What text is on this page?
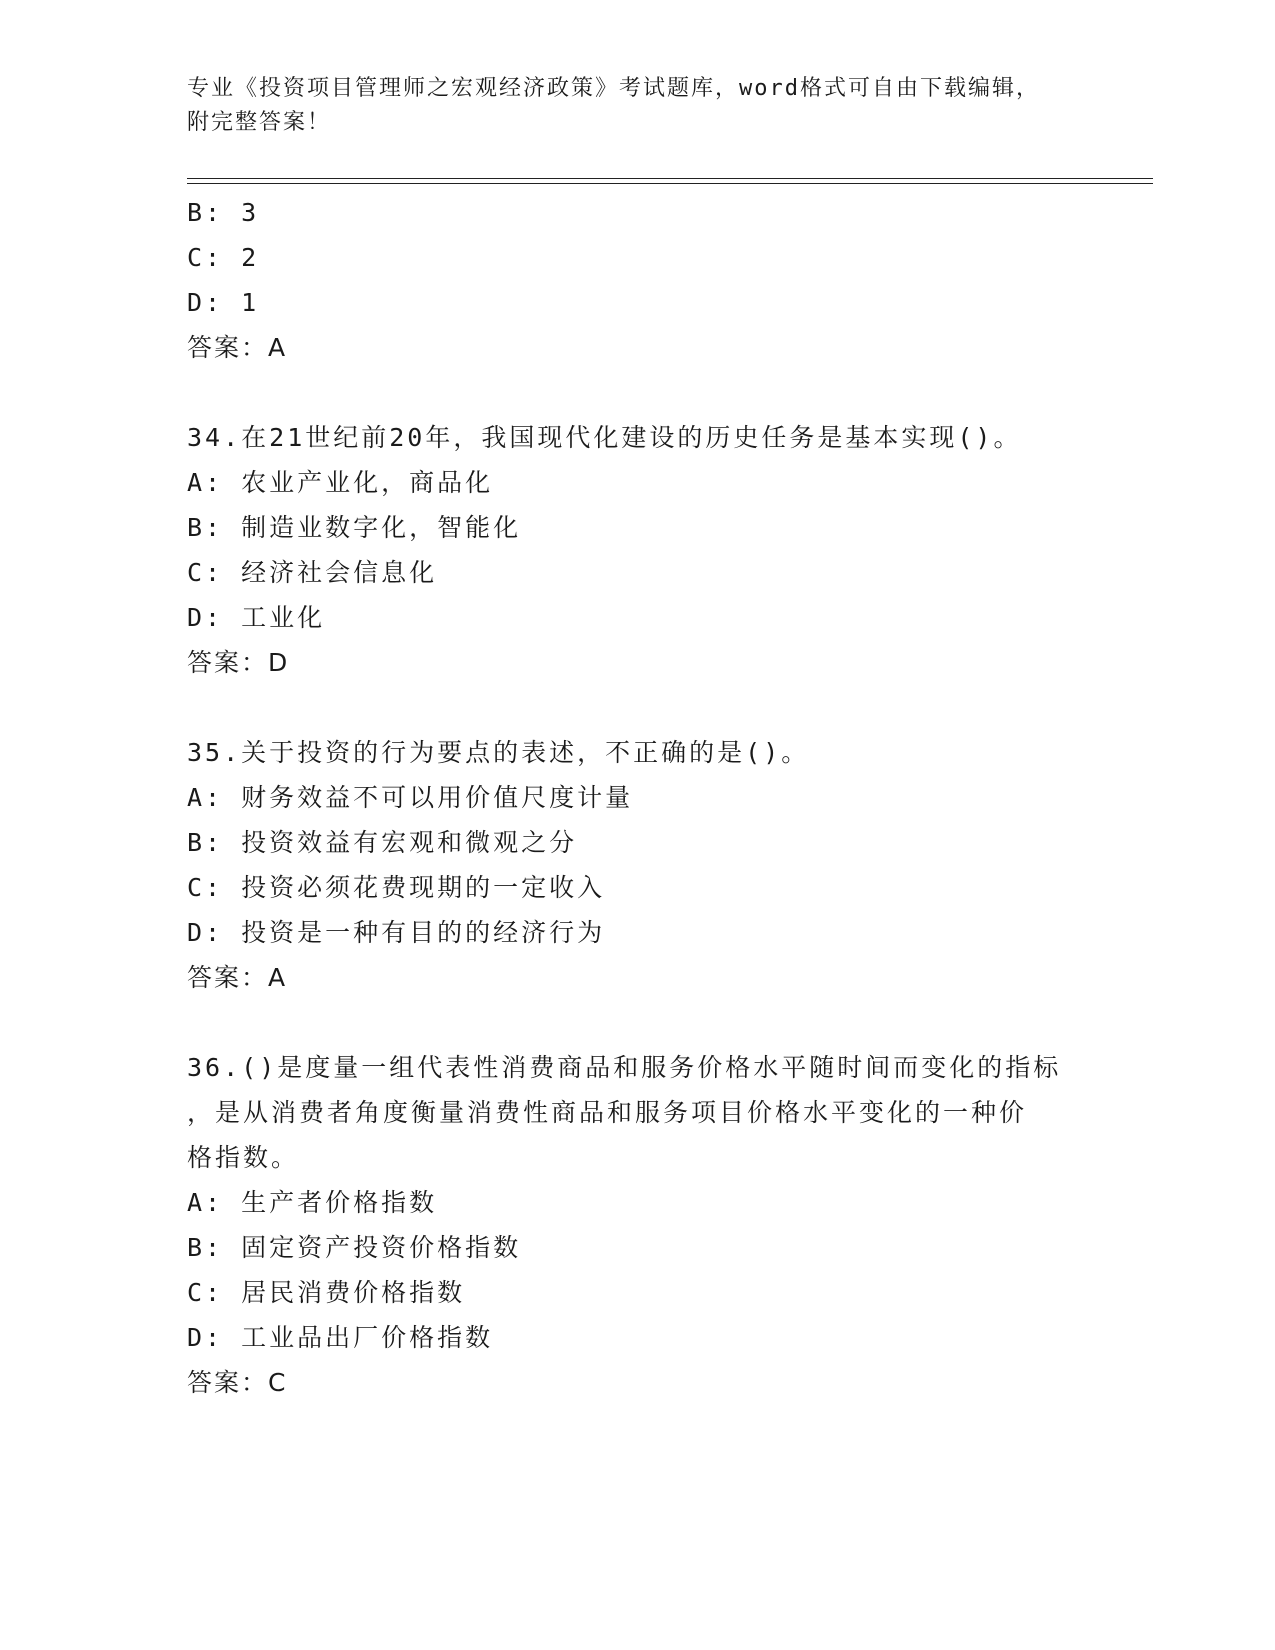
专业《投资项目管理师之宏观经济政策》考试题库，word格式可自由下载编辑，
附完整答案！
B: 3
C: 2
D: 1
答案：A
34.在21世纪前20年，我国现代化建设的历史任务是基本实现()。
A: 农业产业化，商品化
B: 制造业数字化，智能化
C: 经济社会信息化
D: 工业化
答案：D
35.关于投资的行为要点的表述，不正确的是()。
A: 财务效益不可以用价值尺度计量
B: 投资效益有宏观和微观之分
C: 投资必须花费现期的一定收入
D: 投资是一种有目的的经济行为
答案：A
36.()是度量一组代表性消费商品和服务价格水平随时间而变化的指标
，是从消费者角度衡量消费性商品和服务项目价格水平变化的一种价
格指数。
A: 生产者价格指数
B: 固定资产投资价格指数
C: 居民消费价格指数
D: 工业品出厂价格指数
答案：C
